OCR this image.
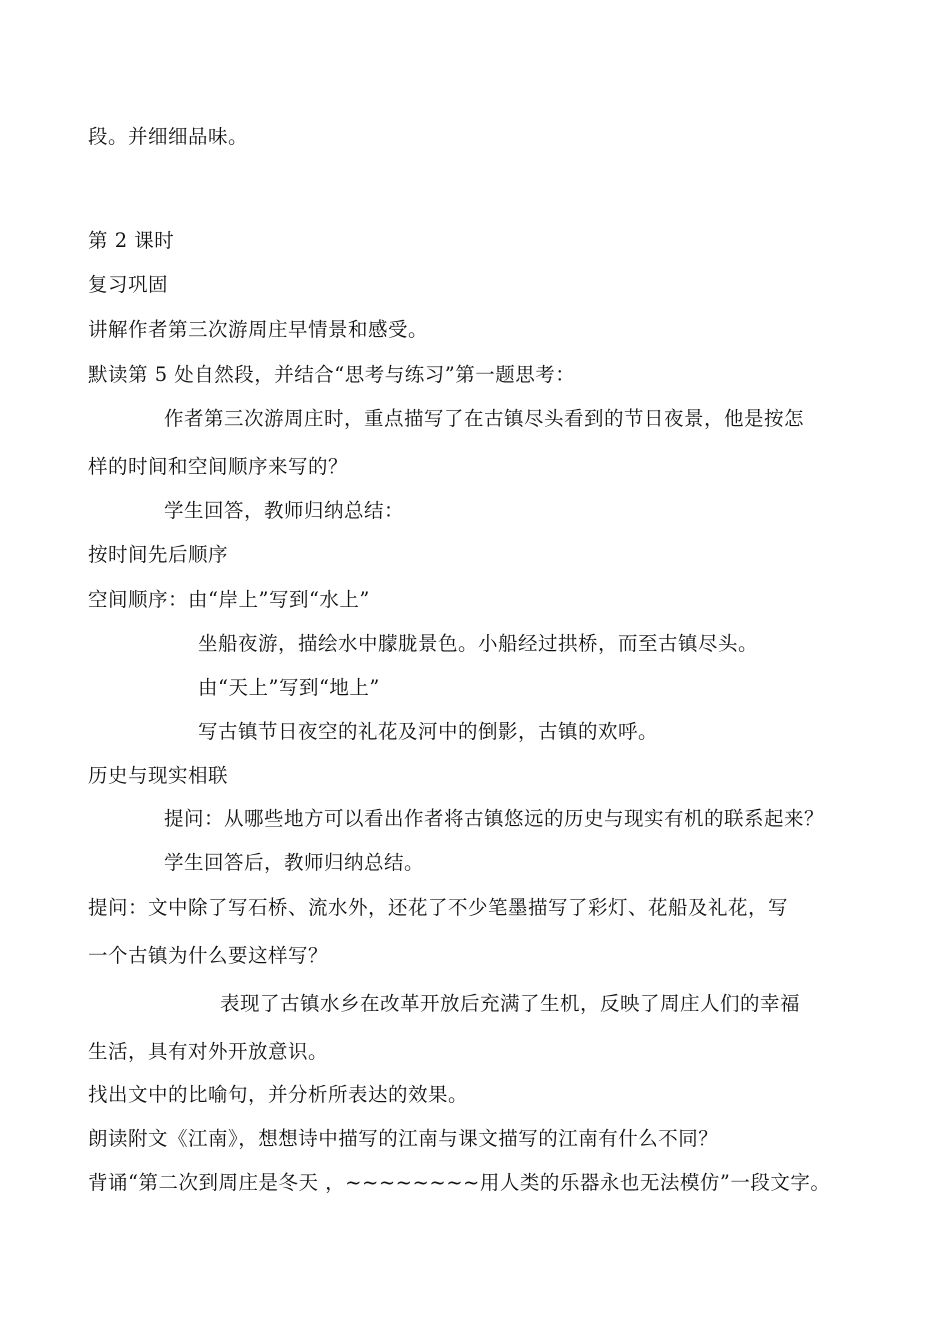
段。并细细品味。
第 2 课时
复习巩固
讲解作者第三次游周庄早情景和感受。
默读第 5 处自然段，并结合“思考与练习”第一题思考：
作者第三次游周庄时，重点描写了在古镇尽头看到的节日夜景，他是按怎
样的时间和空间顺序来写的？
学生回答，教师归纳总结：
按时间先后顺序
空间顺序：由“岸上”写到“水上”
坐船夜游，描绘水中朦胧景色。小船经过拱桥，而至古镇尽头。
由“天上”写到“地上”
写古镇节日夜空的礼花及河中的倒影，古镇的欢呼。
历史与现实相联
提问：从哪些地方可以看出作者将古镇悠远的历史与现实有机的联系起来？
学生回答后，教师归纳总结。
提问：文中除了写石桥、流水外，还花了不少笔墨描写了彩灯、花船及礼花，写
一个古镇为什么要这样写？
表现了古镇水乡在改革开放后充满了生机，反映了周庄人们的幸福
生活，具有对外开放意识。
找出文中的比喻句，并分析所表达的效果。
朗读附文《江南》，想想诗中描写的江南与课文描写的江南有什么不同？
背诵“第二次到周庄是冬天 ，~~~~~~~~用人类的乐器永也无法模仿”一段文字。
